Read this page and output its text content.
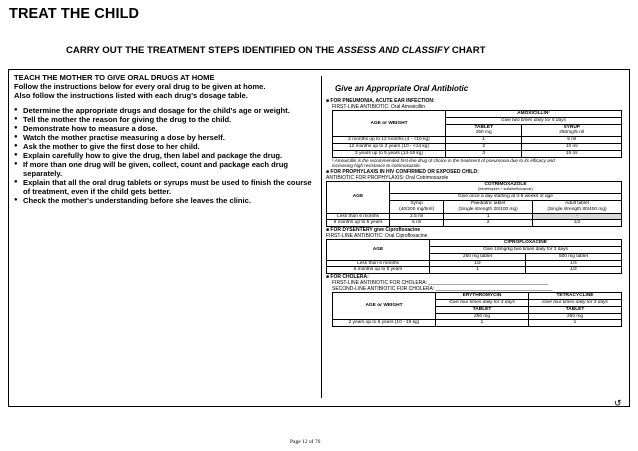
TREAT THE CHILD
CARRY OUT THE TREATMENT STEPS IDENTIFIED ON THE ASSESS AND CLASSIFY CHART
TEACH THE MOTHER TO GIVE ORAL DRUGS AT HOME
Follow the instructions below for every oral drug to be given at home.
Also follow the instructions listed with each drug's dosage table.
● Determine the appropriate drugs and dosage for the child's age or weight.
● Tell the mother the reason for giving the drug to the child.
● Demonstrate how to measure a dose.
● Watch the mother practise measuring a dose by herself.
● Ask the mother to give the first dose to her child.
● Explain carefully how to give the drug, then label and package the drug.
● If more than one drug will be given, collect, count and package each drug separately.
● Explain that all the oral drug tablets or syrups must be used to finish the course of treatment, even if the child gets better.
● Check the mother's understanding before she leaves the clinic.
Give an Appropriate Oral Antibiotic
■ FOR PNEUMONIA, ACUTE EAR INFECTION:
FIRST-LINE ANTIBIOTIC: Oral Amoxicillin
AGE or WEIGHT	AMOXICILLIN¹	
	Give two times daily for 5 days	
	TABLET
250 mg	SYRUP
250mg/5 ml
2 months up to 12 months (4 - <10 kg)	1	5 ml
12 months up to 3 years (10 - <14 kg)	2	10 ml
3 years up to 5 years (14-19 kg)	3	15 ml
¹ Amoxicillin is the recommended first-line drug of choice in the treatment of pneumonia due to its efficacy and
increasing high resistance to cotrimoxazole.
■ FOR PROPHYLAXIS IN HIV CONFIRMED OR EXPOSED CHILD:
ANTIBIOTIC FOR PROPHYLAXIS: Oral Cotrimoxazole
AGE	COTRIMOXAZOLE
(trimethoprim + sulfamethoxazole)		
	Give once a day starting at 4-6 weeks of age		
	Syrup
(40/200 mg/5ml)	Paediatric tablet
(Single strength 20/100 mg)	Adult tablet
(Single strength 80/400 mg)
Less than 6 months	2.5 ml	1	-
6 months up to 5 years	5 ml	2	1/2
■ FOR DYSENTERY give Ciprofloxacine
FIRST-LINE ANTIBIOTIC: Oral Ciprofloxacine
AGE	CIPROFLOXACINE	
	Give 15mg/kg two times daily for 3 days	
	250 mg tablet	500 mg tablet
Less than 6 months	1/2	1/4
6 months up to 5 years	1	1/2
■ FOR CHOLERA:
FIRST-LINE ANTIBIOTIC FOR CHOLERA: ___________________________________________
SECOND-LINE ANTIBIOTIC FOR CHOLERA: __________________________________________
AGE or WEIGHT	ERYTHROMYCIN	TETRACYCLINE
	Give four times daily for 3 days	Give four times daily for 3 days
	TABLET	TABLET
	250 mg	250 mg
2 years up to 5 years (10 - 19 kg)	1	1
↺
Page 12 of 76
